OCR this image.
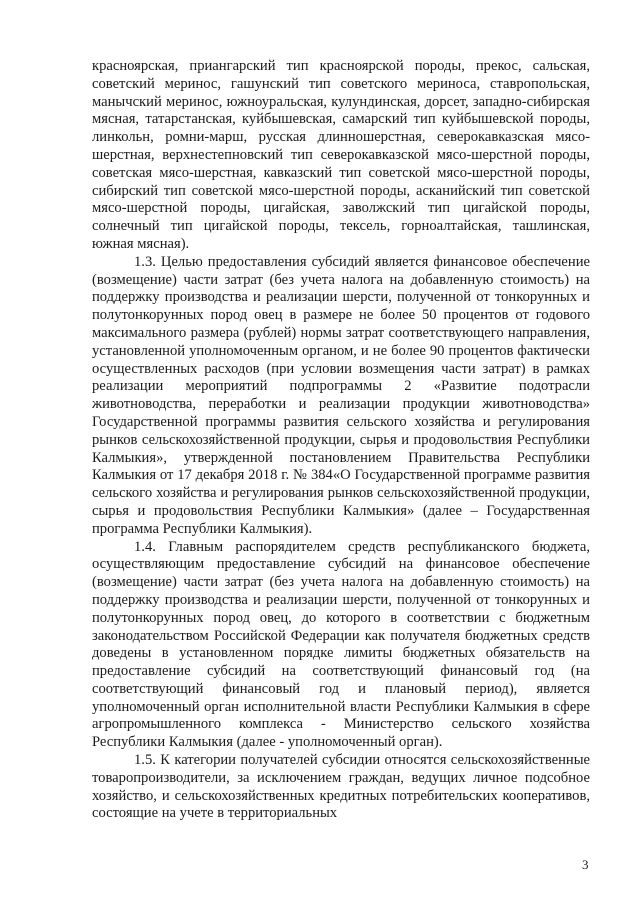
красноярская, приангарский тип красноярской породы, прекос, сальская, советский меринос, гашунский тип советского мериноса, ставропольская, манычский меринос, южноуральская, кулундинская, дорсет, западно-сибирская мясная, татарстанская, куйбышевская, самарский тип куйбышевской породы, линкольн, ромни-марш, русская длинношерстная, северокавказская мясо-шерстная, верхнестепновский тип северокавказской мясо-шерстной породы, советская мясо-шерстная, кавказский тип советской мясо-шерстной породы, сибирский тип советской мясо-шерстной породы, асканийский тип советской мясо-шерстной породы, цигайская, заволжский тип цигайской породы, солнечный тип цигайской породы, тексель, горноалтайская, ташлинская, южная мясная).

1.3. Целью предоставления субсидий является финансовое обеспечение (возмещение) части затрат (без учета налога на добавленную стоимость) на поддержку производства и реализации шерсти, полученной от тонкорунных и полутонкорунных пород овец в размере не более 50 процентов от годового максимального размера (рублей) нормы затрат соответствующего направления, установленной уполномоченным органом, и не более 90 процентов фактически осуществленных расходов (при условии возмещения части затрат) в рамках реализации мероприятий подпрограммы 2 «Развитие подотрасли животноводства, переработки и реализации продукции животноводства» Государственной программы развития сельского хозяйства и регулирования рынков сельскохозяйственной продукции, сырья и продовольствия Республики Калмыкия», утвержденной постановлением Правительства Республики Калмыкия от 17 декабря 2018 г. № 384«О Государственной программе развития сельского хозяйства и регулирования рынков сельскохозяйственной продукции, сырья и продовольствия Республики Калмыкия» (далее – Государственная программа Республики Калмыкия).

1.4. Главным распорядителем средств республиканского бюджета, осуществляющим предоставление субсидий на финансовое обеспечение (возмещение) части затрат (без учета налога на добавленную стоимость) на поддержку производства и реализации шерсти, полученной от тонкорунных и полутонкорунных пород овец, до которого в соответствии с бюджетным законодательством Российской Федерации как получателя бюджетных средств доведены в установленном порядке лимиты бюджетных обязательств на предоставление субсидий на соответствующий финансовый год (на соответствующий финансовый год и плановый период), является уполномоченный орган исполнительной власти Республики Калмыкия в сфере агропромышленного комплекса - Министерство сельского хозяйства Республики Калмыкия (далее - уполномоченный орган).

1.5. К категории получателей субсидии относятся сельскохозяйственные товаропроизводители, за исключением граждан, ведущих личное подсобное хозяйство, и сельскохозяйственных кредитных потребительских кооперативов, состоящие на учете в территориальных

3
